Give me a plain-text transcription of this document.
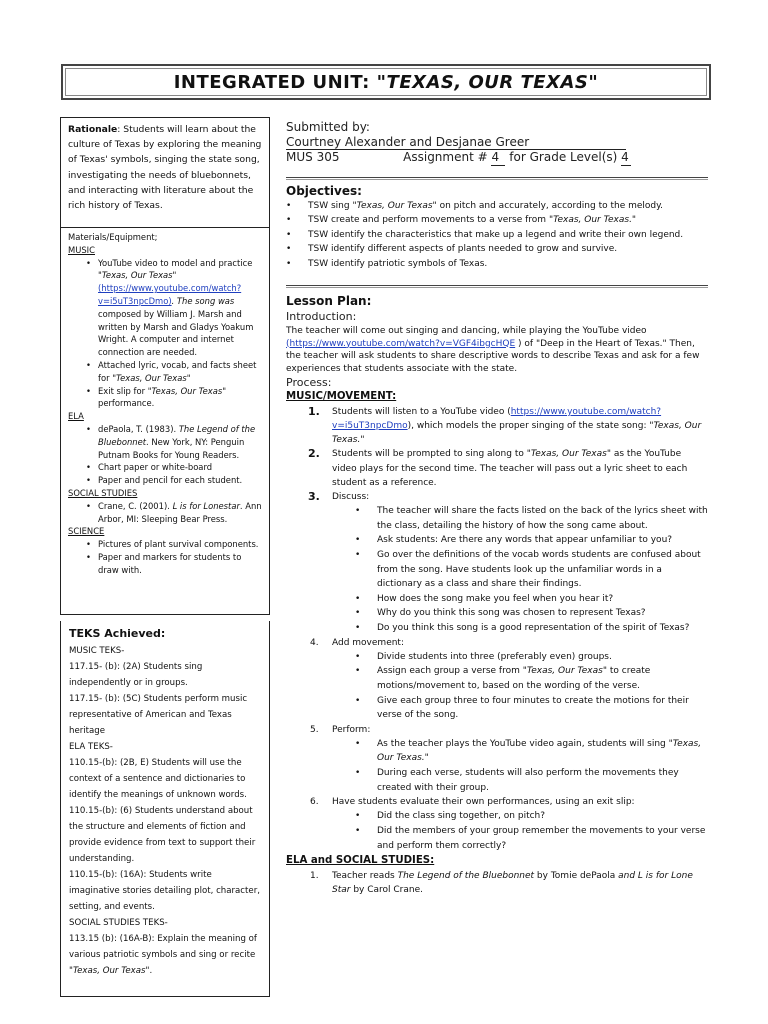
INTEGRATED UNIT: "TEXAS, OUR TEXAS"
Rationale: Students will learn about the culture of Texas by exploring the meaning of Texas' symbols, singing the state song, investigating the needs of bluebonnets, and interacting with literature about the rich history of Texas.
Materials/Equipment;
MUSIC
• YouTube video to model and practice "Texas, Our Texas" (https://www.youtube.com/watch?v=i5uT3npcDmo). The song was composed by William J. Marsh and written by Marsh and Gladys Yoakum Wright. A computer and internet connection are needed.
• Attached lyric, vocab, and facts sheet for "Texas, Our Texas"
• Exit slip for "Texas, Our Texas" performance.
ELA
• dePaola, T. (1983). The Legend of the Bluebonnet. New York, NY: Penguin Putnam Books for Young Readers.
• Chart paper or white-board
• Paper and pencil for each student.
SOCIAL STUDIES
• Crane, C. (2001). L is for Lonestar. Ann Arbor, MI: Sleeping Bear Press.
SCIENCE
• Pictures of plant survival components.
• Paper and markers for students to draw with.
TEKS Achieved:
MUSIC TEKS-
117.15- (b): (2A) Students sing independently or in groups.
117.15- (b): (5C) Students perform music representative of American and Texas heritage
ELA TEKS-
110.15-(b): (2B, E) Students will use the context of a sentence and dictionaries to identify the meanings of unknown words.
110.15-(b): (6) Students understand about the structure and elements of fiction and provide evidence from text to support their understanding.
110.15-(b): (16A): Students write imaginative stories detailing plot, character, setting, and events.
SOCIAL STUDIES TEKS-
113.15 (b): (16A-B): Explain the meaning of various patriotic symbols and sing or recite "Texas, Our Texas".
Submitted by:Courtney Alexander and Desjanae Greer
MUS 305	Assignment # 4 for Grade Level(s) 4
Objectives:
• TSW sing "Texas, Our Texas" on pitch and accurately, according to the melody.
• TSW create and perform movements to a verse from "Texas, Our Texas."
• TSW identify the characteristics that make up a legend and write their own legend.
• TSW identify different aspects of plants needed to grow and survive.
• TSW identify patriotic symbols of Texas.
Lesson Plan:
Introduction:
The teacher will come out singing and dancing, while playing the YouTube video (https://www.youtube.com/watch?v=VGF4ibgcHQE ) of "Deep in the Heart of Texas." Then, the teacher will ask students to share descriptive words to describe Texas and ask for a few experiences that students associate with the state.
Process:
MUSIC/MOVEMENT:
1. Students will listen to a YouTube video (https://www.youtube.com/watch?v=i5uT3npcDmo), which models the proper singing of the state song: "Texas, Our Texas."
2. Students will be prompted to sing along to "Texas, Our Texas" as the YouTube video plays for the second time. The teacher will pass out a lyric sheet to each student as a reference.
3. Discuss:
• The teacher will share the facts listed on the back of the lyrics sheet with the class, detailing the history of how the song came about.
• Ask students: Are there any words that appear unfamiliar to you?
• Go over the definitions of the vocab words students are confused about from the song. Have students look up the unfamiliar words in a dictionary as a class and share their findings.
• How does the song make you feel when you hear it?
• Why do you think this song was chosen to represent Texas?
• Do you think this song is a good representation of the spirit of Texas?
4. Add movement:
• Divide students into three (preferably even) groups.
• Assign each group a verse from "Texas, Our Texas" to create motions/movement to, based on the wording of the verse.
• Give each group three to four minutes to create the motions for their verse of the song.
5. Perform:
• As the teacher plays the YouTube video again, students will sing "Texas, Our Texas."
• During each verse, students will also perform the movements they created with their group.
6. Have students evaluate their own performances, using an exit slip:
• Did the class sing together, on pitch?
• Did the members of your group remember the movements to your verse and perform them correctly?
ELA and SOCIAL STUDIES:
1. Teacher reads The Legend of the Bluebonnet by Tomie dePaola and L is for Lone Star by Carol Crane.
